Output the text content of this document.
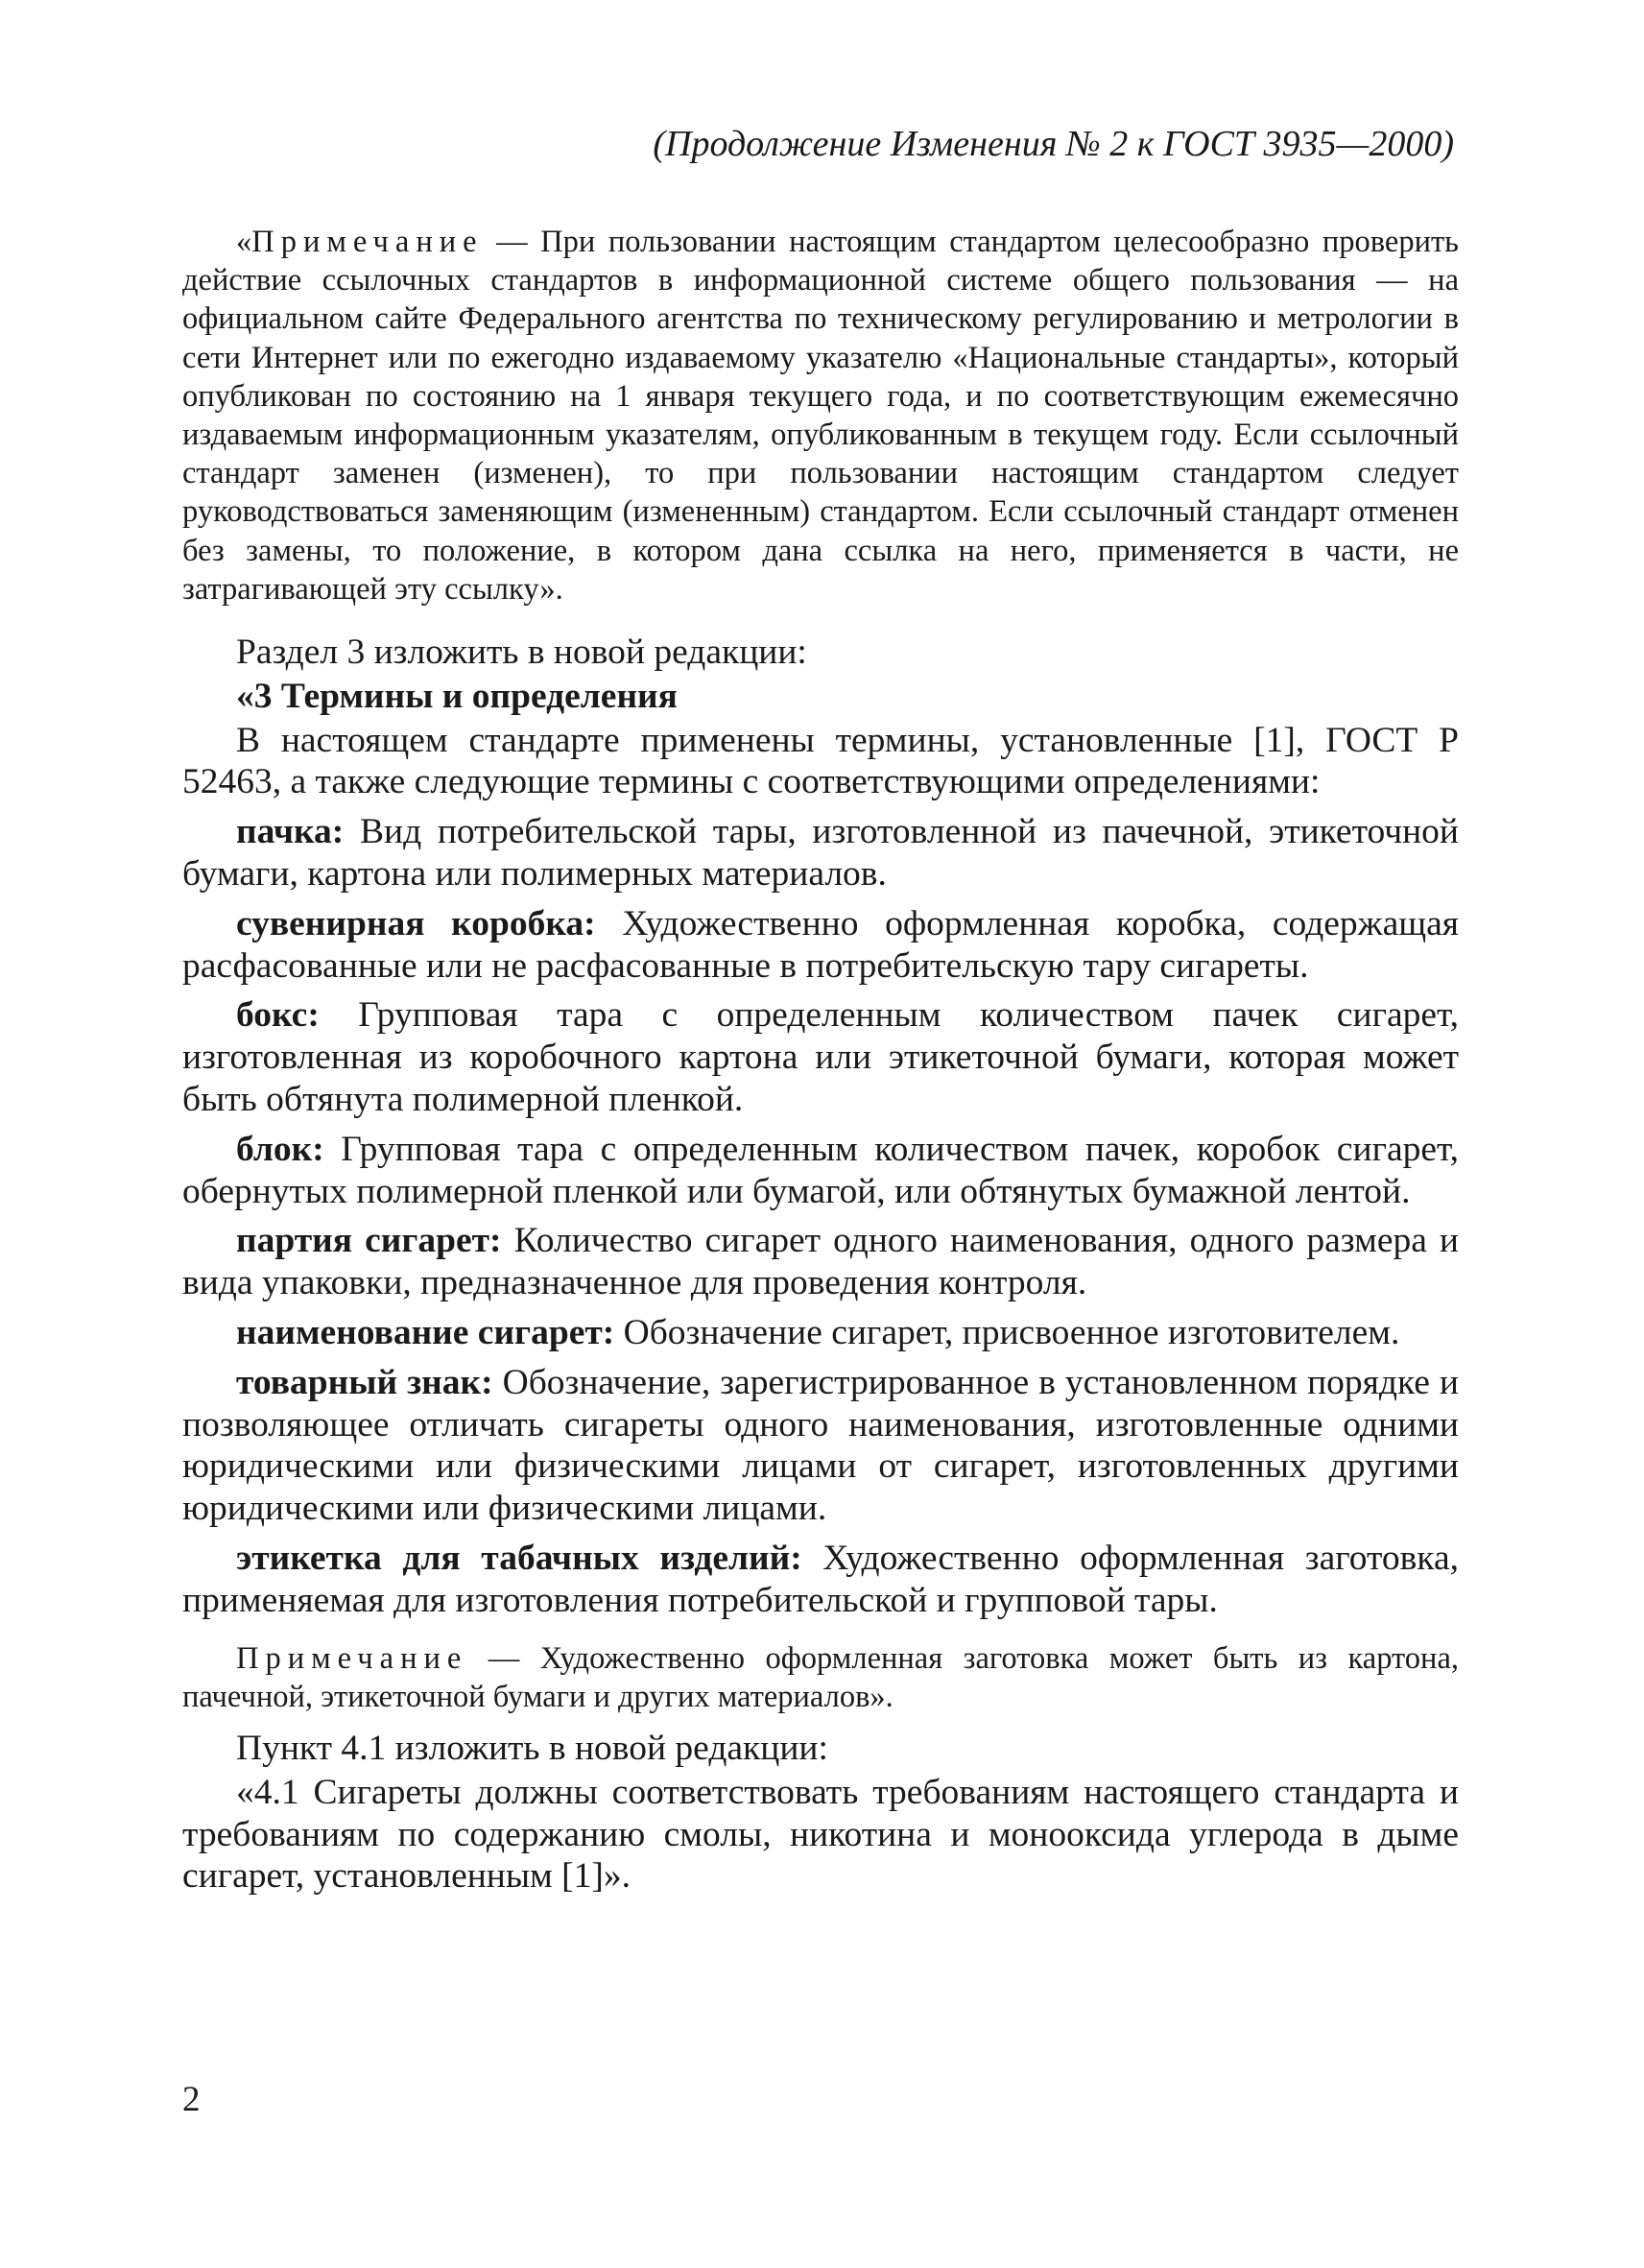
(Продолжение Изменения № 2 к ГОСТ 3935—2000)

«Примечание — При пользовании настоящим стандартом целесообразно проверить действие ссылочных стандартов в информационной системе общего пользования — на официальном сайте Федерального агентства по техническому регулированию и метрологии в сети Интернет или по ежегодно издаваемому указателю «Национальные стандарты», который опубликован по состоянию на 1 января текущего года, и по соответствующим ежемесячно издаваемым информационным указателям, опубликованным в текущем году. Если ссылочный стандарт заменен (изменен), то при пользовании настоящим стандартом следует руководствоваться заменяющим (измененным) стандартом. Если ссылочный стандарт отменен без замены, то положение, в котором дана ссылка на него, применяется в части, не затрагивающей эту ссылку».

Раздел 3 изложить в новой редакции:

«3 Термины и определения

В настоящем стандарте применены термины, установленные [1], ГОСТ Р 52463, а также следующие термины с соответствующими определениями:

пачка: Вид потребительской тары, изготовленной из пачечной, этикеточной бумаги, картона или полимерных материалов.

сувенирная коробка: Художественно оформленная коробка, содержащая расфасованные или не расфасованные в потребительскую тару сигареты.

бокс: Групповая тара с определенным количеством пачек сигарет, изготовленная из коробочного картона или этикеточной бумаги, которая может быть обтянута полимерной пленкой.

блок: Групповая тара с определенным количеством пачек, коробок сигарет, обернутых полимерной пленкой или бумагой, или обтянутых бумажной лентой.

партия сигарет: Количество сигарет одного наименования, одного размера и вида упаковки, предназначенное для проведения контроля.

наименование сигарет: Обозначение сигарет, присвоенное изготовителем.

товарный знак: Обозначение, зарегистрированное в установленном порядке и позволяющее отличать сигареты одного наименования, изготовленные одними юридическими или физическими лицами от сигарет, изготовленных другими юридическими или физическими лицами.

этикетка для табачных изделий: Художественно оформленная заготовка, применяемая для изготовления потребительской и групповой тары.

Примечание — Художественно оформленная заготовка может быть из картона, пачечной, этикеточной бумаги и других материалов».

Пункт 4.1 изложить в новой редакции:

«4.1 Сигареты должны соответствовать требованиям настоящего стандарта и требованиям по содержанию смолы, никотина и монооксида углерода в дыме сигарет, установленным [1]».

2
